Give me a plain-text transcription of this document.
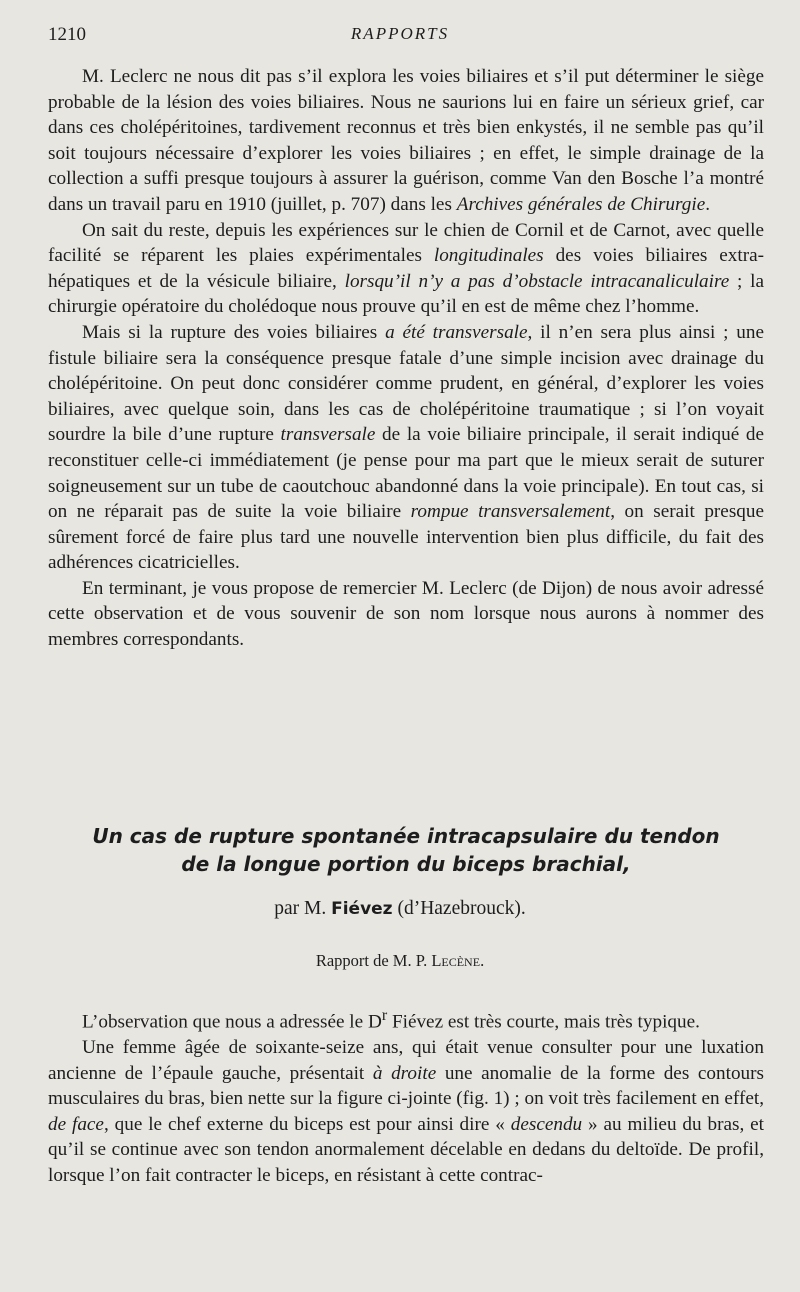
1210	RAPPORTS

M. Leclerc ne nous dit pas s’il explora les voies biliaires et s’il put déterminer le siège probable de la lésion des voies biliaires. Nous ne saurions lui en faire un sérieux grief, car dans ces cholépéritoines, tardivement reconnus et très bien enkystés, il ne semble pas qu’il soit toujours nécessaire d’explorer les voies biliaires ; en effet, le simple drainage de la collection a suffi presque toujours à assurer la guérison, comme Van den Bosche l’a montré dans un travail paru en 1910 (juillet, p. 707) dans les Archives générales de Chirurgie.

On sait du reste, depuis les expériences sur le chien de Cornil et de Carnot, avec quelle facilité se réparent les plaies expérimentales longitudinales des voies biliaires extra-hépatiques et de la vésicule biliaire, lorsqu’il n’y a pas d’obstacle intracanaliculaire ; la chirurgie opératoire du cholédoque nous prouve qu’il en est de même chez l’homme.

Mais si la rupture des voies biliaires a été transversale, il n’en sera plus ainsi ; une fistule biliaire sera la conséquence presque fatale d’une simple incision avec drainage du cholépéritoine. On peut donc considérer comme prudent, en général, d’explorer les voies biliaires, avec quelque soin, dans les cas de cholépéritoine traumatique ; si l’on voyait sourdre la bile d’une rupture transversale de la voie biliaire principale, il serait indiqué de reconstituer celle-ci immédiatement (je pense pour ma part que le mieux serait de suturer soigneusement sur un tube de caoutchouc abandonné dans la voie principale). En tout cas, si on ne réparait pas de suite la voie biliaire rompue transversalement, on serait presque sûrement forcé de faire plus tard une nouvelle intervention bien plus difficile, du fait des adhérences cicatricielles.

En terminant, je vous propose de remercier M. Leclerc (de Dijon) de nous avoir adressé cette observation et de vous souvenir de son nom lorsque nous aurons à nommer des membres correspondants.

Un cas de rupture spontanée intracapsulaire du tendon
de la longue portion du biceps brachial,
par M. Fiévez (d’Hazebrouck).
Rapport de M. P. Lecène.

L’observation que nous a adressée le $D^r$ Fiévez est très courte, mais très typique.

Une femme âgée de soixante-seize ans, qui était venue consulter pour une luxation ancienne de l’épaule gauche, présentait à droite une anomalie de la forme des contours musculaires du bras, bien nette sur la figure ci-jointe (fig. 1) ; on voit très facilement en effet, de face, que le chef externe du biceps est pour ainsi dire « descendu » au milieu du bras, et qu’il se continue avec son tendon anormalement décelable en dedans du deltoïde. De profil, lorsque l’on fait contracter le biceps, en résistant à cette contrac-
